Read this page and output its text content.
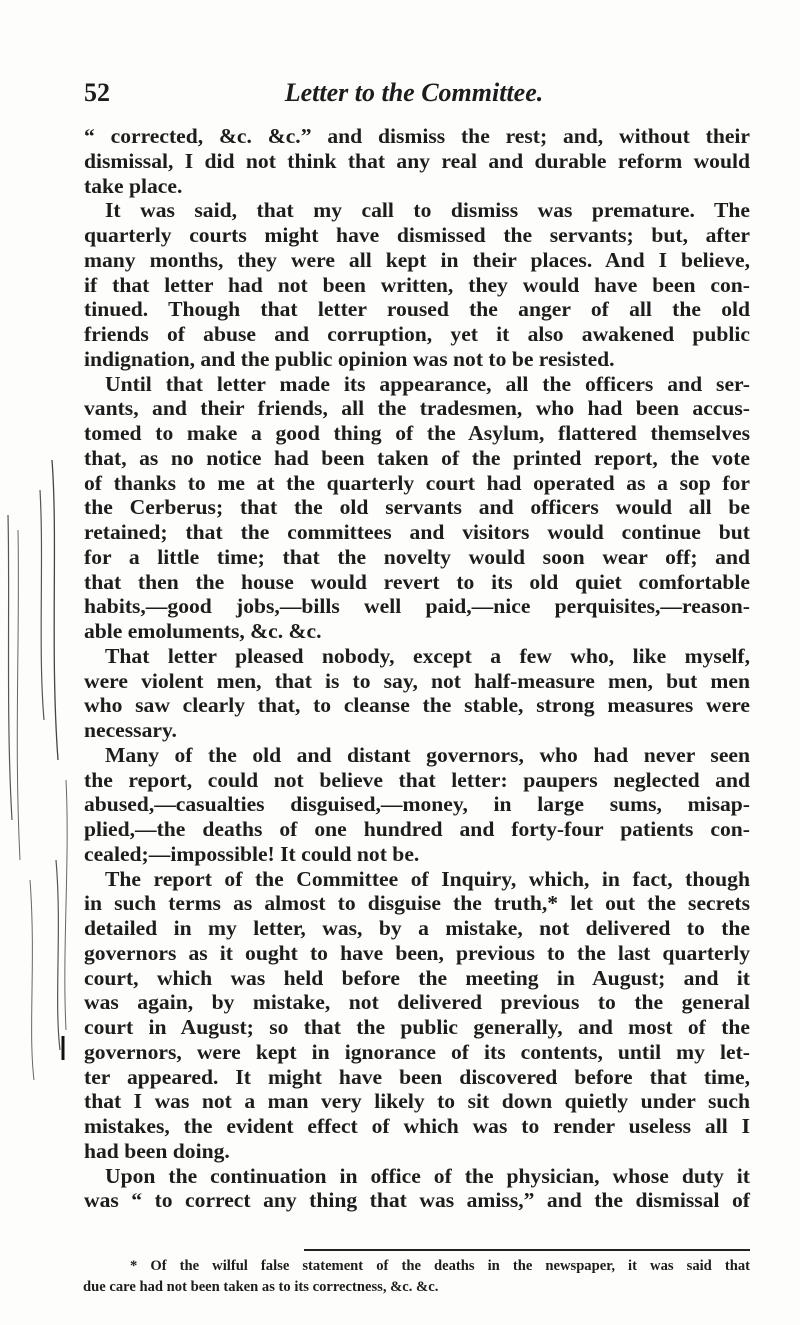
52	Letter to the Committee.
“ corrected, &c. &c.” and dismiss the rest; and, without their
dismissal, I did not think that any real and durable reform would
take place.
It was said, that my call to dismiss was premature. The
quarterly courts might have dismissed the servants; but, after
many months, they were all kept in their places. And I believe,
if that letter had not been written, they would have been con-
tinued. Though that letter roused the anger of all the old
friends of abuse and corruption, yet it also awakened public
indignation, and the public opinion was not to be resisted.
Until that letter made its appearance, all the officers and ser-
vants, and their friends, all the tradesmen, who had been accus-
tomed to make a good thing of the Asylum, flattered themselves
that, as no notice had been taken of the printed report, the vote
of thanks to me at the quarterly court had operated as a sop for
the Cerberus; that the old servants and officers would all be
retained; that the committees and visitors would continue but
for a little time; that the novelty would soon wear off; and
that then the house would revert to its old quiet comfortable
habits,—good jobs,—bills well paid,—nice perquisites,—reason-
able emoluments, &c. &c.
That letter pleased nobody, except a few who, like myself,
were violent men, that is to say, not half-measure men, but men
who saw clearly that, to cleanse the stable, strong measures were
necessary.
Many of the old and distant governors, who had never seen
the report, could not believe that letter: paupers neglected and
abused,—casualties disguised,—money, in large sums, misap-
plied,—the deaths of one hundred and forty-four patients con-
cealed;—impossible! It could not be.
The report of the Committee of Inquiry, which, in fact, though
in such terms as almost to disguise the truth,* let out the secrets
detailed in my letter, was, by a mistake, not delivered to the
governors as it ought to have been, previous to the last quarterly
court, which was held before the meeting in August; and it
was again, by mistake, not delivered previous to the general
court in August; so that the public generally, and most of the
governors, were kept in ignorance of its contents, until my let-
ter appeared. It might have been discovered before that time,
that I was not a man very likely to sit down quietly under such
mistakes, the evident effect of which was to render useless all I
had been doing.
Upon the continuation in office of the physician, whose duty it
was “ to correct any thing that was amiss,” and the dismissal of
* Of the wilful false statement of the deaths in the newspaper, it was said that
due care had not been taken as to its correctness, &c. &c.
